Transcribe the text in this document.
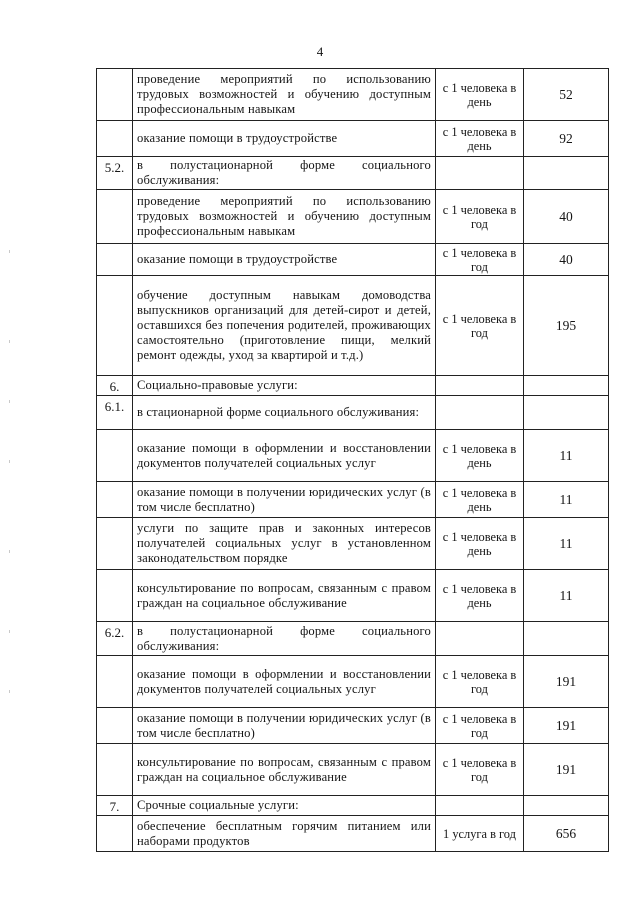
4
	проведение мероприятий по использованию трудовых возможностей и обучению доступным профессиональным навыкам	с 1 человека в день	52
	оказание помощи в трудоустройстве	с 1 человека в день	92
5.2.	в полустационарной форме социального обслуживания:		
	проведение мероприятий по использованию трудовых возможностей и обучению доступным профессиональным навыкам	с 1 человека в год	40
	оказание помощи в трудоустройстве	с 1 человека в год	40
	обучение доступным навыкам домоводства выпускников организаций для детей-сирот и детей, оставшихся без попечения родителей, проживающих самостоятельно (приготовление пищи, мелкий ремонт одежды, уход за квартирой и т.д.)	с 1 человека в год	195
6.	Социально-правовые услуги:		
6.1.	в стационарной форме социального обслуживания:		
	оказание помощи в оформлении и восстановлении документов получателей социальных услуг	с 1 человека в день	11
	оказание помощи в получении юридических услуг (в том числе бесплатно)	с 1 человека в день	11
	услуги по защите прав и законных интересов получателей социальных услуг в установленном законодательством порядке	с 1 человека в день	11
	консультирование по вопросам, связанным с правом граждан на социальное обслуживание	с 1 человека в день	11
6.2.	в полустационарной форме социального обслуживания:		
	оказание помощи в оформлении и восстановлении документов получателей социальных услуг	с 1 человека в год	191
	оказание помощи в получении юридических услуг (в том числе бесплатно)	с 1 человека в год	191
	консультирование по вопросам, связанным с правом граждан на социальное обслуживание	с 1 человека в год	191
7.	Срочные социальные услуги:		
	обеспечение бесплатным горячим питанием или наборами продуктов	1 услуга в год	656
